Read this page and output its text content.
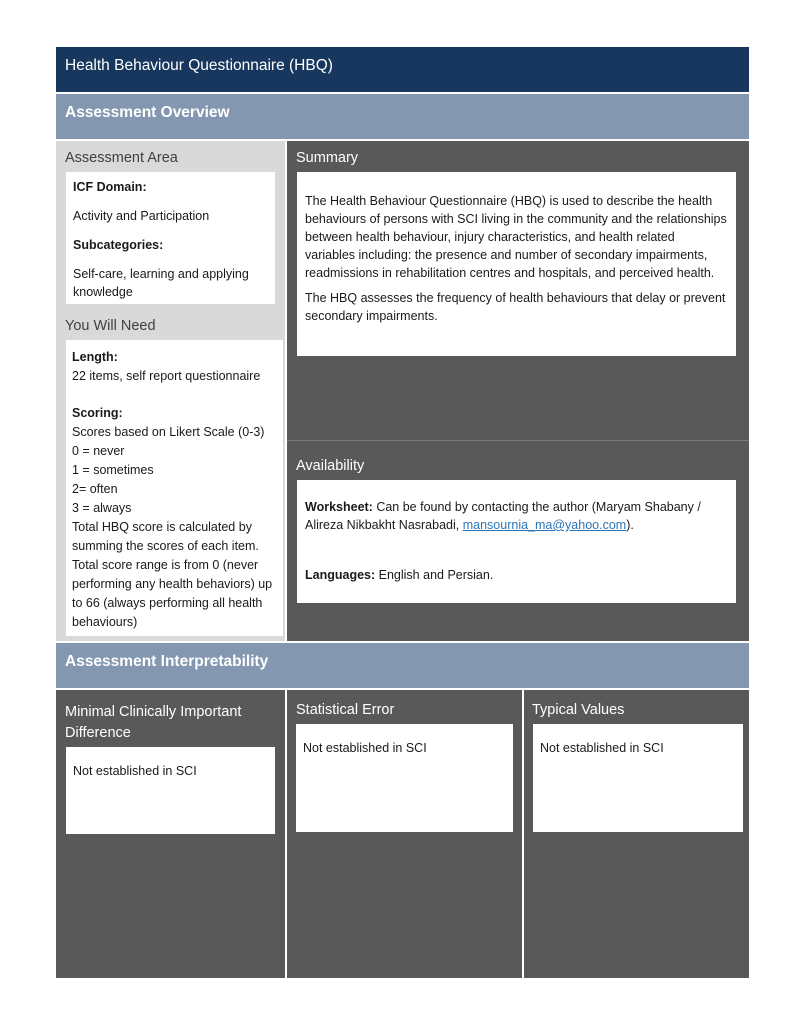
Health Behaviour Questionnaire (HBQ)
Assessment Overview
Assessment Area

ICF Domain:

Activity and Participation

Subcategories:

Self-care, learning and applying knowledge

You Will Need

Length:

22 items, self report questionnaire

Scoring:

Scores based on Likert Scale (0-3)

0 = never

1 = sometimes

2= often

3 = always

Total HBQ score is calculated by summing the scores of each item.

Total score range is from 0 (never performing any health behaviors) up to 66 (always performing all health behaviours)

Summary

The Health Behaviour Questionnaire (HBQ) is used to describe the health behaviours of persons with SCI living in the community and the relationships between health behaviour, injury characteristics, and health related variables including: the presence and number of secondary impairments, readmissions in rehabilitation centres and hospitals, and perceived health.

The HBQ assesses the frequency of health behaviours that delay or prevent secondary impairments.

Availability

Worksheet: Can be found by contacting the author (Maryam Shabany / Alireza Nikbakht Nasrabadi, mansournia_ma@yahoo.com).

Languages: English and Persian.

Assessment Interpretability
Minimal Clinically Important Difference

Not established in SCI

Statistical Error

Not established in SCI

Typical Values

Not established in SCI
